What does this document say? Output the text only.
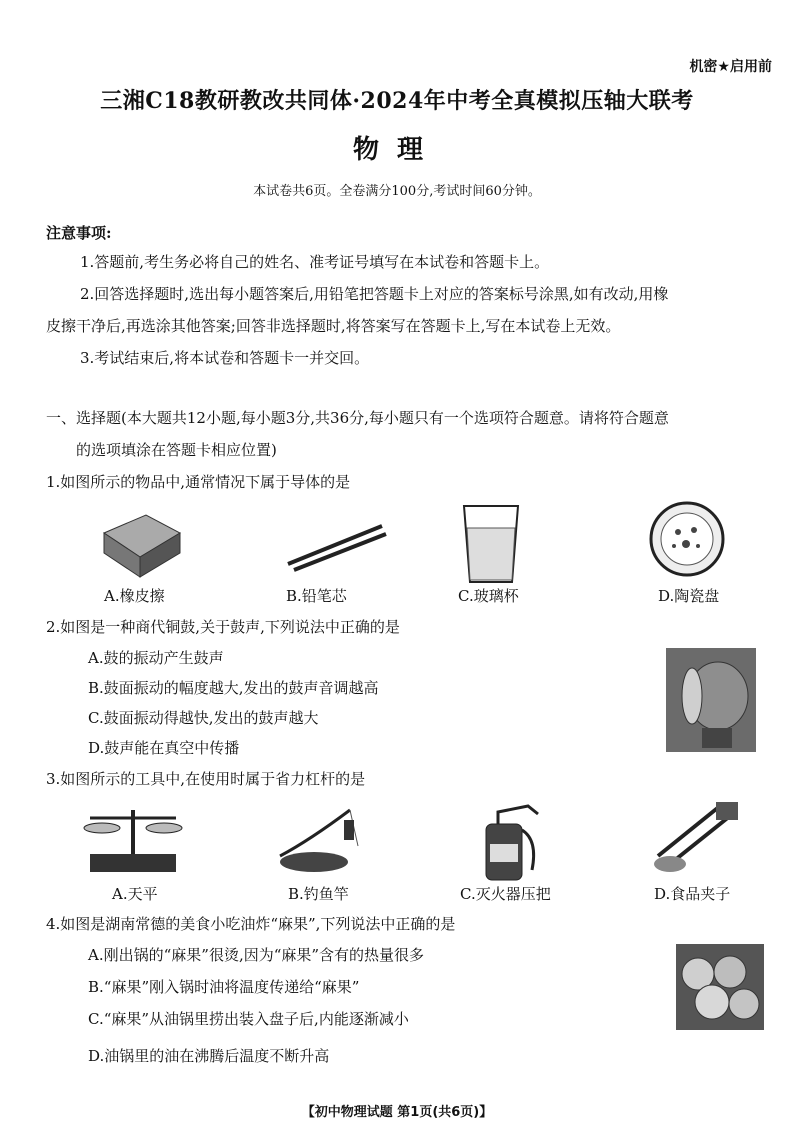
机密★启用前
三湘C18教研教改共同体·2024年中考全真模拟压轴大联考
物理
本试卷共6页。全卷满分100分,考试时间60分钟。
注意事项:
1.答题前,考生务必将自己的姓名、准考证号填写在本试卷和答题卡上。
2.回答选择题时,选出每小题答案后,用铅笔把答题卡上对应的答案标号涂黑,如有改动,用橡
皮擦干净后,再选涂其他答案;回答非选择题时,将答案写在答题卡上,写在本试卷上无效。
3.考试结束后,将本试卷和答题卡一并交回。
一、选择题(本大题共12小题,每小题3分,共36分,每小题只有一个选项符合题意。请将符合题意
的选项填涂在答题卡相应位置)
1.如图所示的物品中,通常情况下属于导体的是
A.橡皮擦	B.铅笔芯	C.玻璃杯	D.陶瓷盘
2.如图是一种商代铜鼓,关于鼓声,下列说法中正确的是
A.鼓的振动产生鼓声
B.鼓面振动的幅度越大,发出的鼓声音调越高
C.鼓面振动得越快,发出的鼓声越大
D.鼓声能在真空中传播
3.如图所示的工具中,在使用时属于省力杠杆的是
A.天平	B.钓鱼竿	C.灭火器压把	D.食品夹子
4.如图是湖南常德的美食小吃油炸“麻果”,下列说法中正确的是
A.刚出锅的“麻果”很烫,因为“麻果”含有的热量很多
B.“麻果”刚入锅时油将温度传递给“麻果”
C.“麻果”从油锅里捞出装入盘子后,内能逐渐减小
D.油锅里的油在沸腾后温度不断升高
【初中物理试题 第1页(共6页)】
